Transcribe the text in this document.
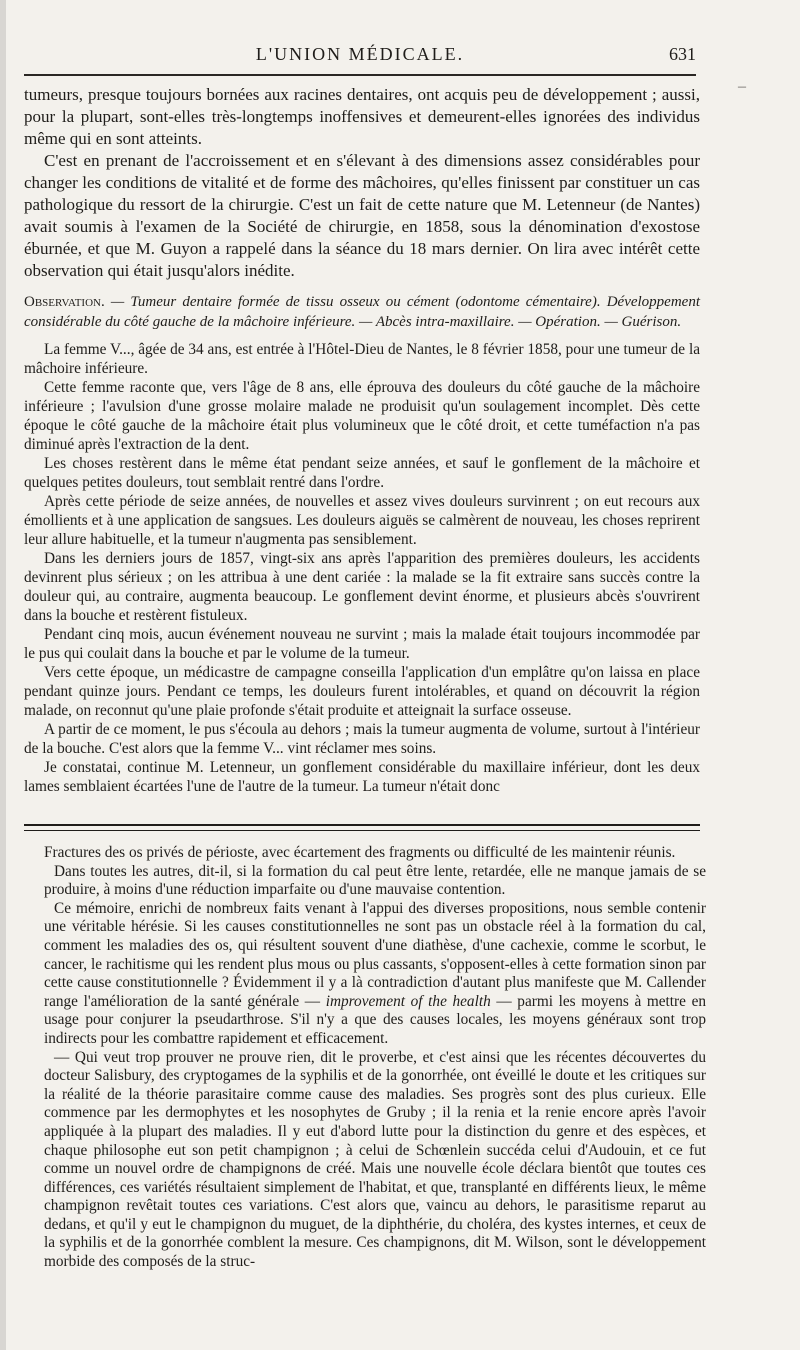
L'UNION MÉDICALE.	631
–

tumeurs, presque toujours bornées aux racines dentaires, ont acquis peu de développement ; aussi, pour la plupart, sont-elles très-longtemps inoffensives et demeurent-elles ignorées des individus même qui en sont atteints.

C'est en prenant de l'accroissement et en s'élevant à des dimensions assez considérables pour changer les conditions de vitalité et de forme des mâchoires, qu'elles finissent par constituer un cas pathologique du ressort de la chirurgie. C'est un fait de cette nature que M. Letenneur (de Nantes) avait soumis à l'examen de la Société de chirurgie, en 1858, sous la dénomination d'exostose éburnée, et que M. Guyon a rappelé dans la séance du 18 mars dernier. On lira avec intérêt cette observation qui était jusqu'alors inédite.

Observation. — Tumeur dentaire formée de tissu osseux ou cément (odontome cémentaire). Développement considérable du côté gauche de la mâchoire inférieure. — Abcès intra-maxillaire. — Opération. — Guérison.

La femme V..., âgée de 34 ans, est entrée à l'Hôtel-Dieu de Nantes, le 8 février 1858, pour une tumeur de la mâchoire inférieure.

Cette femme raconte que, vers l'âge de 8 ans, elle éprouva des douleurs du côté gauche de la mâchoire inférieure ; l'avulsion d'une grosse molaire malade ne produisit qu'un soulagement incomplet. Dès cette époque le côté gauche de la mâchoire était plus volumineux que le côté droit, et cette tuméfaction n'a pas diminué après l'extraction de la dent.

Les choses restèrent dans le même état pendant seize années, et sauf le gonflement de la mâchoire et quelques petites douleurs, tout semblait rentré dans l'ordre.

Après cette période de seize années, de nouvelles et assez vives douleurs survinrent ; on eut recours aux émollients et à une application de sangsues. Les douleurs aiguës se calmèrent de nouveau, les choses reprirent leur allure habituelle, et la tumeur n'augmenta pas sensiblement.

Dans les derniers jours de 1857, vingt-six ans après l'apparition des premières douleurs, les accidents devinrent plus sérieux ; on les attribua à une dent cariée : la malade se la fit extraire sans succès contre la douleur qui, au contraire, augmenta beaucoup. Le gonflement devint énorme, et plusieurs abcès s'ouvrirent dans la bouche et restèrent fistuleux.

Pendant cinq mois, aucun événement nouveau ne survint ; mais la malade était toujours incommodée par le pus qui coulait dans la bouche et par le volume de la tumeur.

Vers cette époque, un médicastre de campagne conseilla l'application d'un emplâtre qu'on laissa en place pendant quinze jours. Pendant ce temps, les douleurs furent intolérables, et quand on découvrit la région malade, on reconnut qu'une plaie profonde s'était produite et atteignait la surface osseuse.

A partir de ce moment, le pus s'écoula au dehors ; mais la tumeur augmenta de volume, surtout à l'intérieur de la bouche. C'est alors que la femme V... vint réclamer mes soins.

Je constatai, continue M. Letenneur, un gonflement considérable du maxillaire inférieur, dont les deux lames semblaient écartées l'une de l'autre de la tumeur. La tumeur n'était donc

Fractures des os privés de périoste, avec écartement des fragments ou difficulté de les maintenir réunis.

Dans toutes les autres, dit-il, si la formation du cal peut être lente, retardée, elle ne manque jamais de se produire, à moins d'une réduction imparfaite ou d'une mauvaise contention.

Ce mémoire, enrichi de nombreux faits venant à l'appui des diverses propositions, nous semble contenir une véritable hérésie. Si les causes constitutionnelles ne sont pas un obstacle réel à la formation du cal, comment les maladies des os, qui résultent souvent d'une diathèse, d'une cachexie, comme le scorbut, le cancer, le rachitisme qui les rendent plus mous ou plus cassants, s'opposent-elles à cette formation sinon par cette cause constitutionnelle ? Évidemment il y a là contradiction d'autant plus manifeste que M. Callender range l'amélioration de la santé générale — improvement of the health — parmi les moyens à mettre en usage pour conjurer la pseudarthrose. S'il n'y a que des causes locales, les moyens généraux sont trop indirects pour les combattre rapidement et efficacement.

— Qui veut trop prouver ne prouve rien, dit le proverbe, et c'est ainsi que les récentes découvertes du docteur Salisbury, des cryptogames de la syphilis et de la gonorrhée, ont éveillé le doute et les critiques sur la réalité de la théorie parasitaire comme cause des maladies. Ses progrès sont des plus curieux. Elle commence par les dermophytes et les nosophytes de Gruby ; il la renia et la renie encore après l'avoir appliquée à la plupart des maladies. Il y eut d'abord lutte pour la distinction du genre et des espèces, et chaque philosophe eut son petit champignon ; à celui de Schœnlein succéda celui d'Audouin, et ce fut comme un nouvel ordre de champignons de créé. Mais une nouvelle école déclara bientôt que toutes ces différences, ces variétés résultaient simplement de l'habitat, et que, transplanté en différents lieux, le même champignon revêtait toutes ces variations. C'est alors que, vaincu au dehors, le parasitisme reparut au dedans, et qu'il y eut le champignon du muguet, de la diphthérie, du choléra, des kystes internes, et ceux de la syphilis et de la gonorrhée comblent la mesure. Ces champignons, dit M. Wilson, sont le développement morbide des composés de la struc-
